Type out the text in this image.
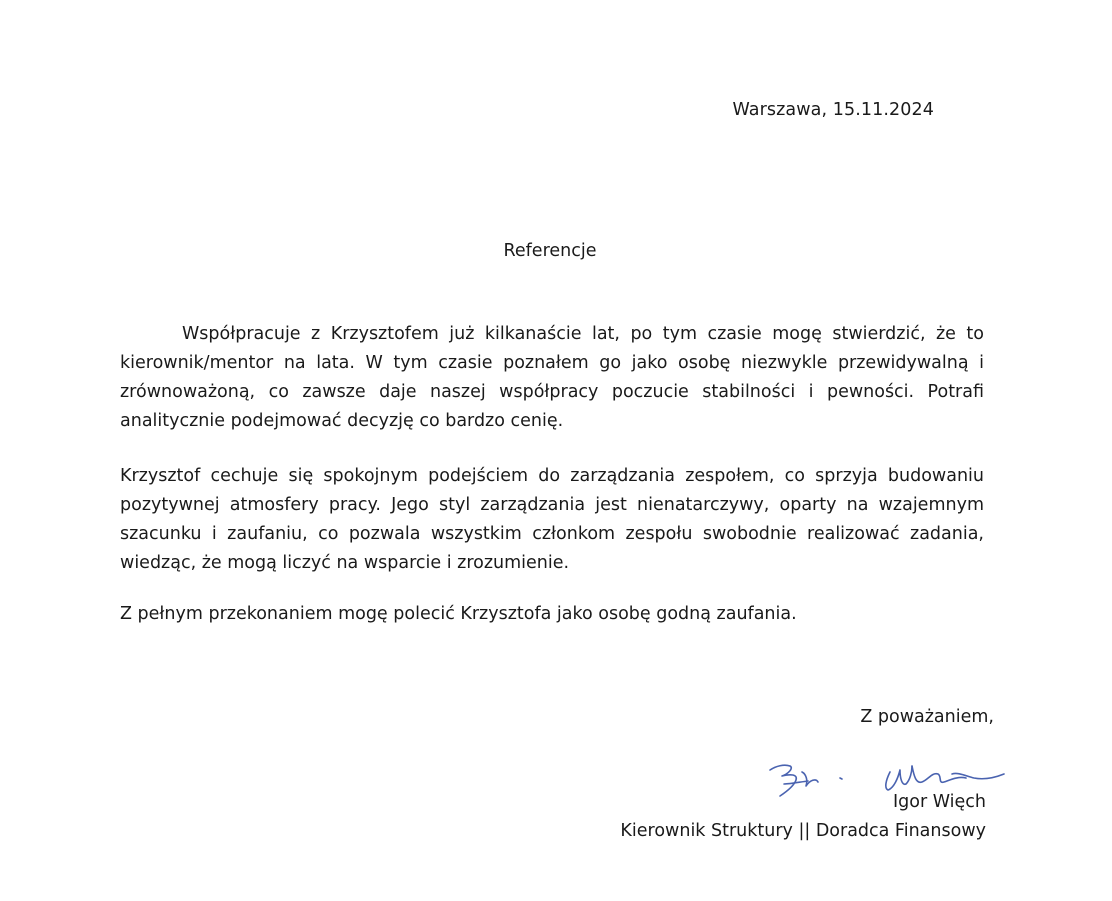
Warszawa, 15.11.2024
Referencje

Współpracuje z Krzysztofem już kilkanaście lat, po tym czasie mogę stwierdzić, że to kierownik/mentor na lata. W tym czasie poznałem go jako osobę niezwykle przewidywalną i zrównoważoną, co zawsze daje naszej współpracy poczucie stabilności i pewności. Potrafi analitycznie podejmować decyzję co bardzo cenię.

Krzysztof cechuje się spokojnym podejściem do zarządzania zespołem, co sprzyja budowaniu pozytywnej atmosfery pracy. Jego styl zarządzania jest nienatarczywy, oparty na wzajemnym szacunku i zaufaniu, co pozwala wszystkim członkom zespołu swobodnie realizować zadania, wiedząc, że mogą liczyć na wsparcie i zrozumienie.

Z pełnym przekonaniem mogę polecić Krzysztofa jako osobę godną zaufania.

Z poważaniem,
Igor Więch
Kierownik Struktury || Doradca Finansowy
